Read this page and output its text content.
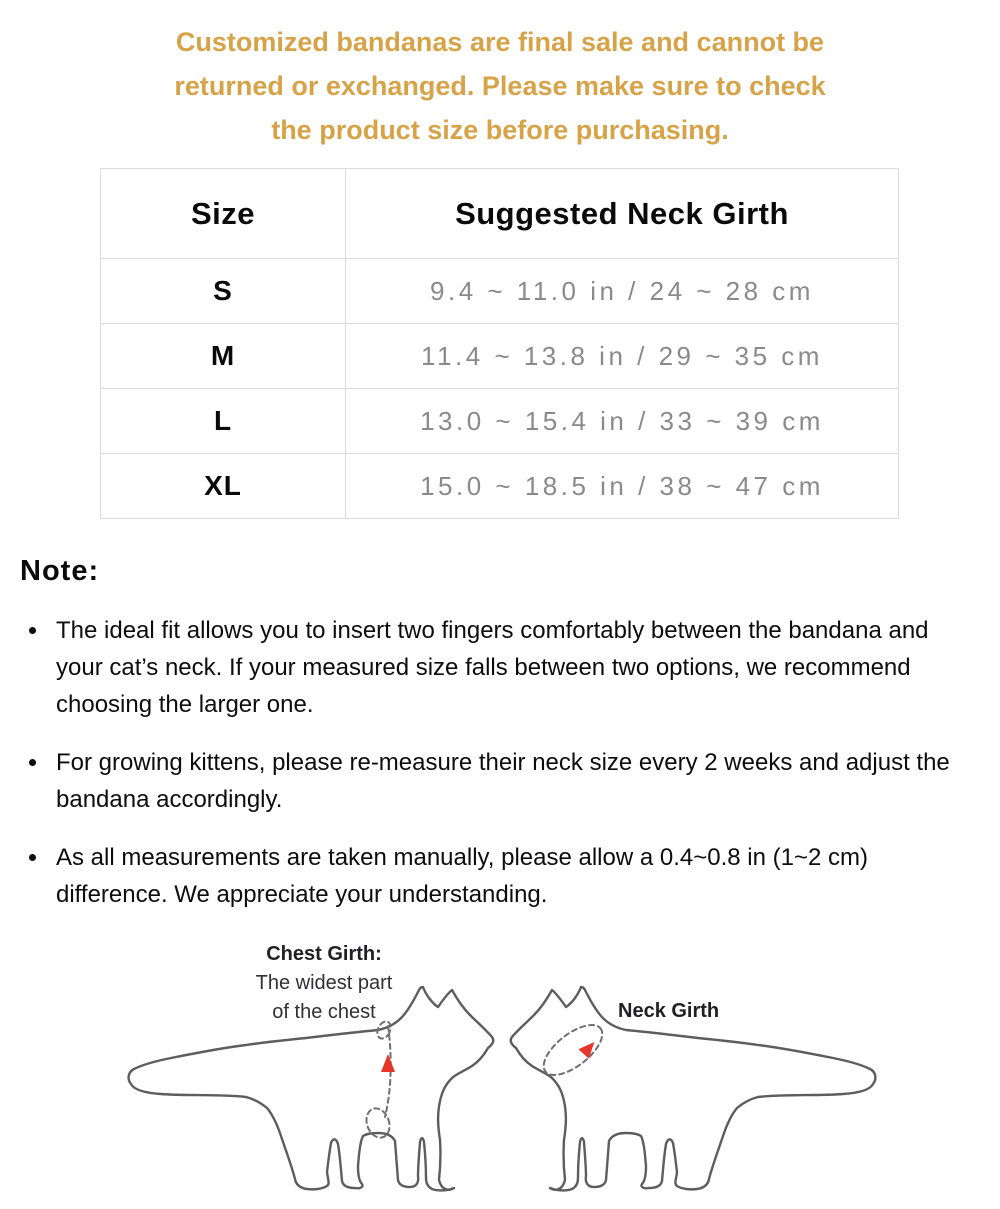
Customized bandanas are final sale and cannot be
returned or exchanged. Please make sure to check
the product size before purchasing.
Size	Suggested Neck Girth
S	9.4 ~ 11.0 in / 24 ~ 28 cm
M	11.4 ~ 13.8 in / 29 ~ 35 cm
L	13.0 ~ 15.4 in / 33 ~ 39 cm
XL	15.0 ~ 18.5 in / 38 ~ 47 cm
Note:
• The ideal fit allows you to insert two fingers comfortably between the bandana and your cat’s neck. If your measured size falls between two options, we recommend choosing the larger one.
• For growing kittens, please re-measure their neck size every 2 weeks and adjust the bandana accordingly.
• As all measurements are taken manually, please allow a 0.4~0.8 in (1~2 cm) difference. We appreciate your understanding.
Chest Girth:
The widest part
of the chest	Neck Girth
